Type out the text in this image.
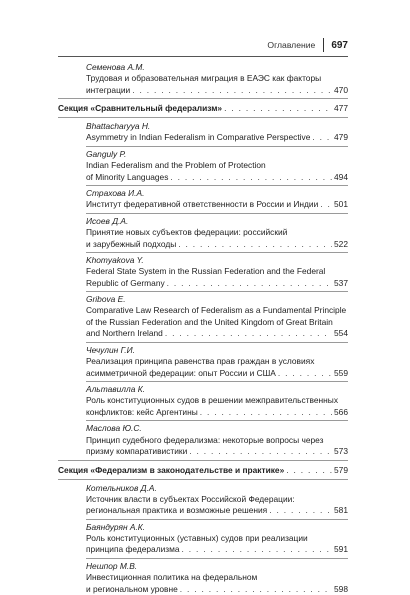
Оглавление 697
Семенова А.М.
Трудовая и образовательная миграция в ЕАЭС как факторы
интеграции . . .	470
Секция «Сравнительный федерализм» . . .	477
Bhattacharyya H.
Asymmetry in Indian Federalism in Comparative Perspective . . .	479
Ganguly P.
Indian Federalism and the Problem of Protection
of Minority Languages . . .	494
Страхова И.А.
Институт федеративной ответственности в России и Индии . . . 501
Исоев Д.А.
Принятие новых субъектов федерации: российский
и зарубежный подходы . . .	522
Khomyakova Y.
Federal State System in the Russian Federation and the Federal
Republic of Germany . . .	537
Gribova E.
Comparative Law Research of Federalism as a Fundamental Principle
of the Russian Federation and the United Kingdom of Great Britain
and Northern Ireland . . .	554
Чечулин Г.И.
Реализация принципа равенства прав граждан в условиях
асимметричной федерации: опыт России и США . . .	559
Альтавилла К.
Роль конституционных судов в решении межправительственных
конфликтов: кейс Аргентины . . .	566
Маслова Ю.С.
Принцип судебного федерализма: некоторые вопросы через
призму компаративистики . . .	573
Секция «Федерализм в законодательстве и практике» . . .	579
Котельников Д.А.
Источник власти в субъектах Российской Федерации:
региональная практика и возможные решения . . .	581
Баяндурян А.К.
Роль конституционных (уставных) судов при реализации
принципа федерализма . . .	591
Нешпор М.В.
Инвестиционная политика на федеральном
и региональном уровне . . .	598
